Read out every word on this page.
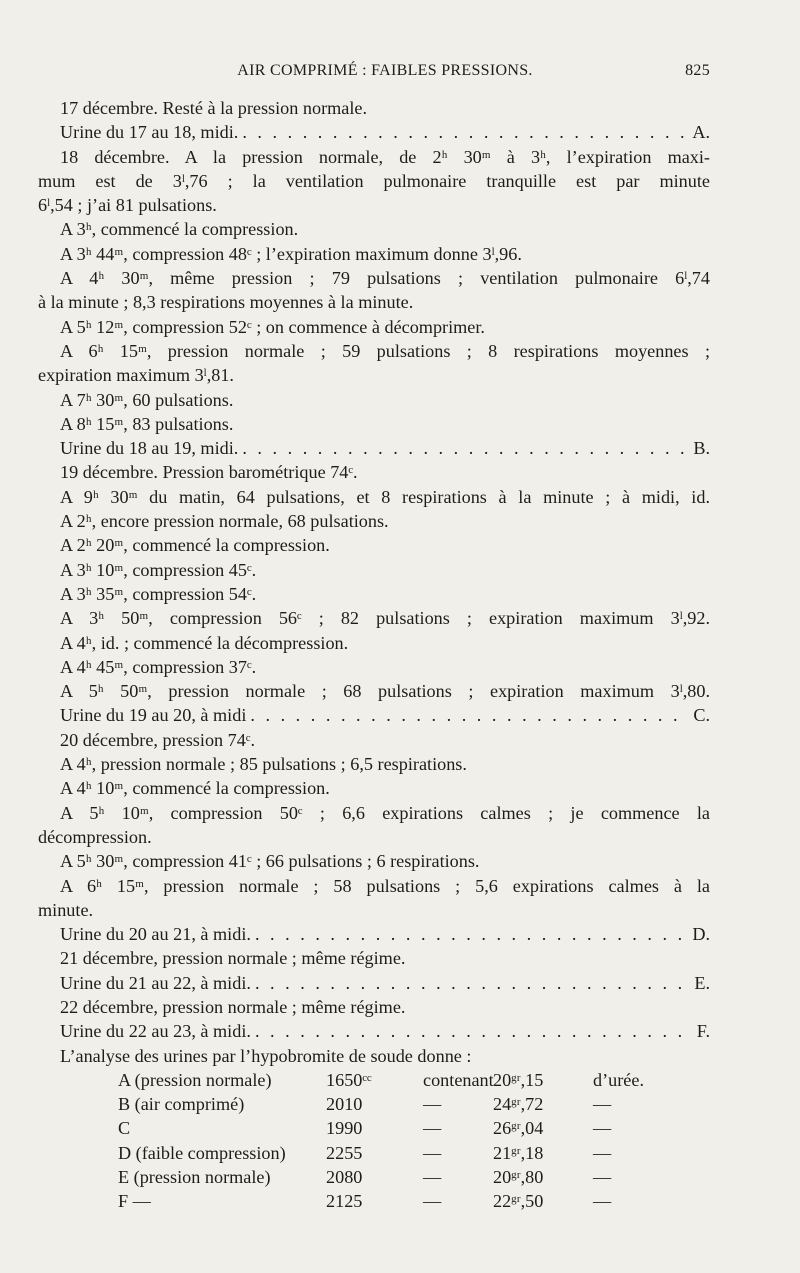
AIR COMPRIMÉ : FAIBLES PRESSIONS.	825
17 décembre. Resté à la pression normale.
Urine du 17 au 18, midi. . . .	A.
18 décembre. A la pression normale, de 2ʰ 30ᵐ à 3ʰ, l’expiration maxi-
mum est de 3ˡ,76 ; la ventilation pulmonaire tranquille est par minute
6ˡ,54 ; j’ai 81 pulsations.
A 3ʰ, commencé la compression.
A 3ʰ 44ᵐ, compression 48ᶜ ; l’expiration maximum donne 3ˡ,96.
A 4ʰ 30ᵐ, même pression ; 79 pulsations ; ventilation pulmonaire 6ˡ,74
à la minute ; 8,3 respirations moyennes à la minute.
A 5ʰ 12ᵐ, compression 52ᶜ ; on commence à décomprimer.
A 6ʰ 15ᵐ, pression normale ; 59 pulsations ; 8 respirations moyennes ;
expiration maximum 3ˡ,81.
A 7ʰ 30ᵐ, 60 pulsations.
A 8ʰ 15ᵐ, 83 pulsations.
Urine du 18 au 19, midi. . . .	B.
19 décembre. Pression barométrique 74ᶜ.
A 9ʰ 30ᵐ du matin, 64 pulsations, et 8 respirations à la minute ; à midi, id.
A 2ʰ, encore pression normale, 68 pulsations.
A 2ʰ 20ᵐ, commencé la compression.
A 3ʰ 10ᵐ, compression 45ᶜ.
A 3ʰ 35ᵐ, compression 54ᶜ.
A 3ʰ 50ᵐ, compression 56ᶜ ; 82 pulsations ; expiration maximum 3ˡ,92.
A 4ʰ, id. ; commencé la décompression.
A 4ʰ 45ᵐ, compression 37ᶜ.
A 5ʰ 50ᵐ, pression normale ; 68 pulsations ; expiration maximum 3ˡ,80.
Urine du 19 au 20, à midi . . .	C.
20 décembre, pression 74ᶜ.
A 4ʰ, pression normale ; 85 pulsations ; 6,5 respirations.
A 4ʰ 10ᵐ, commencé la compression.
A 5ʰ 10ᵐ, compression 50ᶜ ; 6,6 expirations calmes ; je commence la
décompression.
A 5ʰ 30ᵐ, compression 41ᶜ ; 66 pulsations ; 6 respirations.
A 6ʰ 15ᵐ, pression normale ; 58 pulsations ; 5,6 expirations calmes à la
minute.
Urine du 20 au 21, à midi. . . .	D.
21 décembre, pression normale ; même régime.
Urine du 21 au 22, à midi. . . .	E.
22 décembre, pression normale ; même régime.
Urine du 22 au 23, à midi. . . .	F.
L’analyse des urines par l’hypobromite de soude donne :
A (pression normale)	1650ᶜᶜ	contenant 20ᵍʳ,15	d’urée.
B (air comprimé)	2010	—	24ᵍʳ,72	—
C	1990	—	26ᵍʳ,04	—
D (faible compression) 2255	—	21ᵍʳ,18	—
E (pression normale)	2080	—	20ᵍʳ,80	—
F —	2125	—	22ᵍʳ,50	—
